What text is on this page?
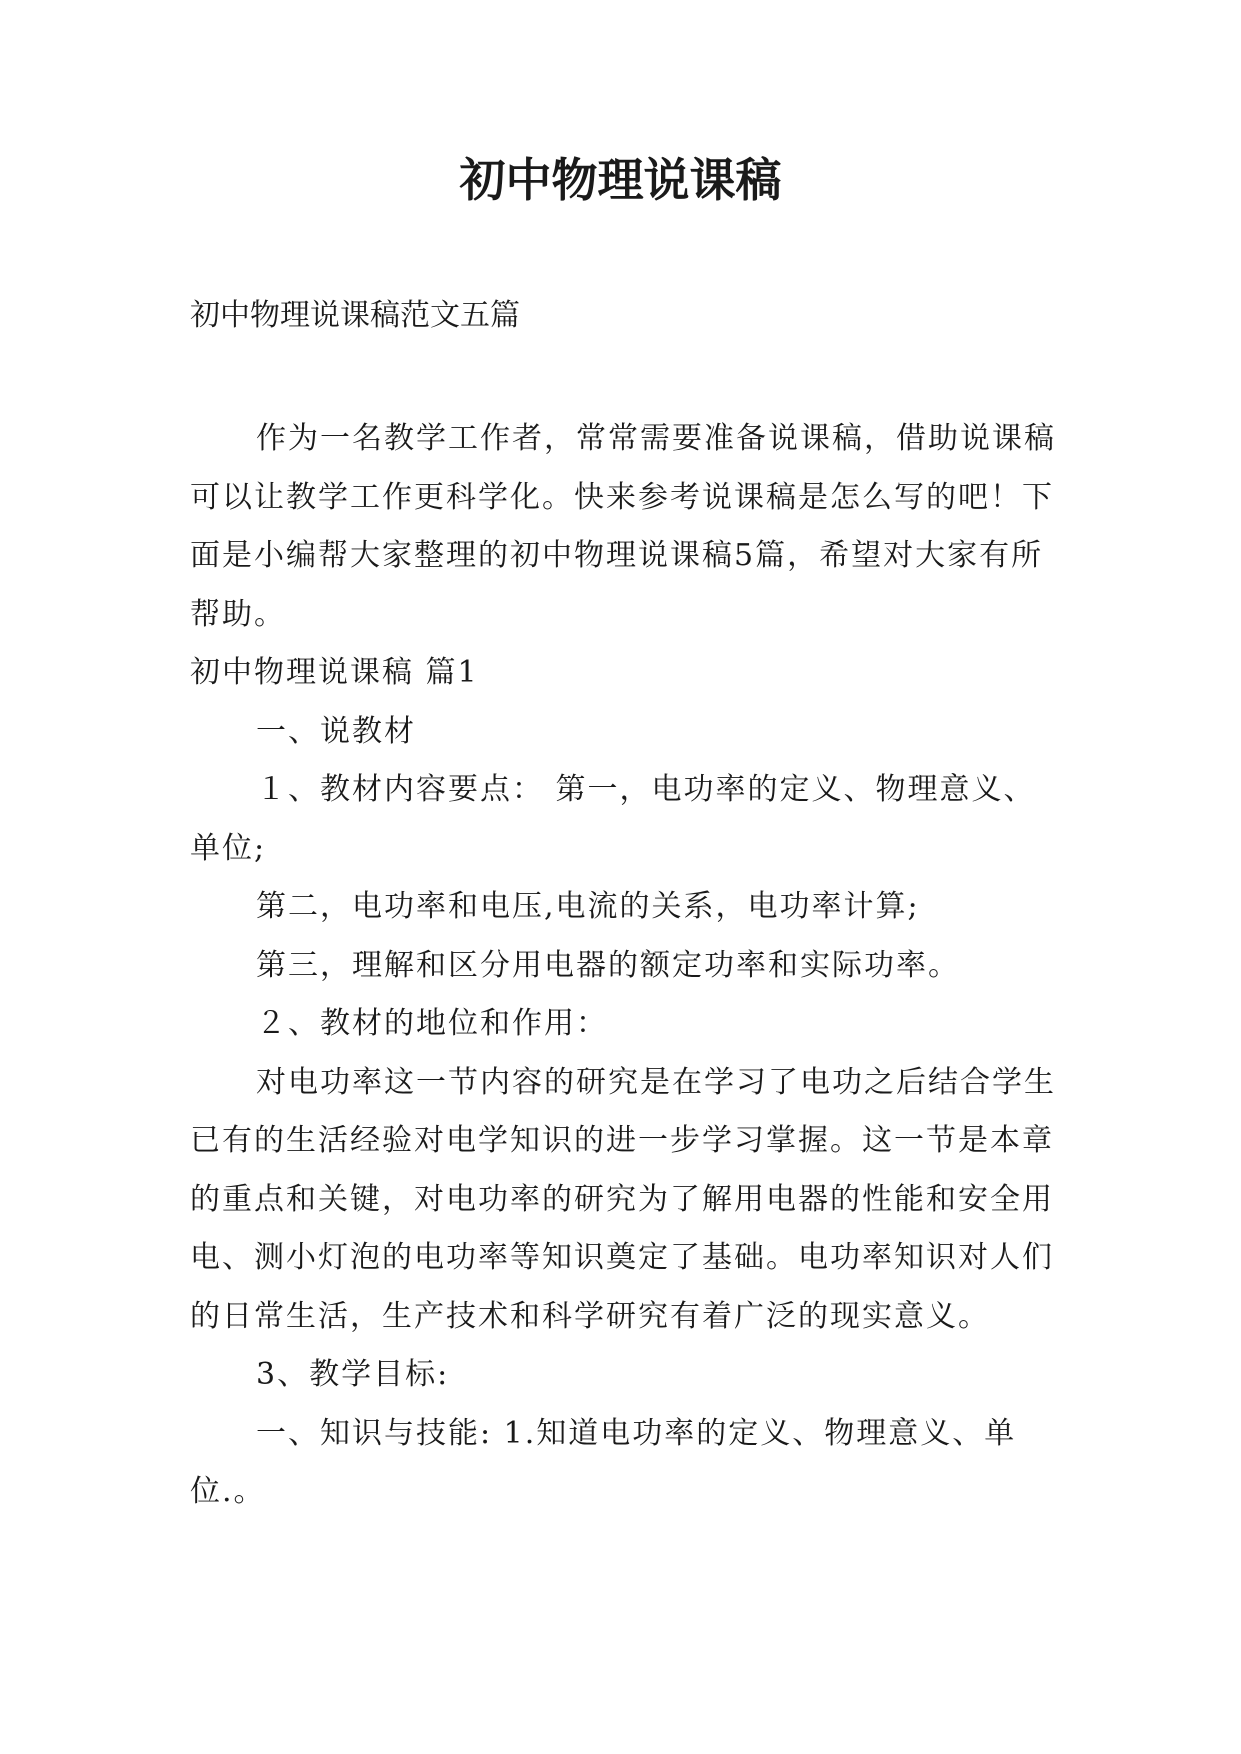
初中物理说课稿
初中物理说课稿范文五篇

作为一名教学工作者，常常需要准备说课稿，借助说课稿可以让教学工作更科学化。快来参考说课稿是怎么写的吧！下面是小编帮大家整理的初中物理说课稿5篇，希望对大家有所帮助。

初中物理说课稿 篇1

一、说教材

１、教材内容要点： 第一，电功率的定义、物理意义、单位;

第二，电功率和电压,电流的关系，电功率计算;

第三，理解和区分用电器的额定功率和实际功率。

２、教材的地位和作用：

对电功率这一节内容的研究是在学习了电功之后结合学生已有的生活经验对电学知识的进一步学习掌握。这一节是本章的重点和关键，对电功率的研究为了解用电器的性能和安全用电、测小灯泡的电功率等知识奠定了基础。电功率知识对人们的日常生活，生产技术和科学研究有着广泛的现实意义。

3、教学目标:

一、知识与技能: 1.知道电功率的定义、物理意义、单位.。
